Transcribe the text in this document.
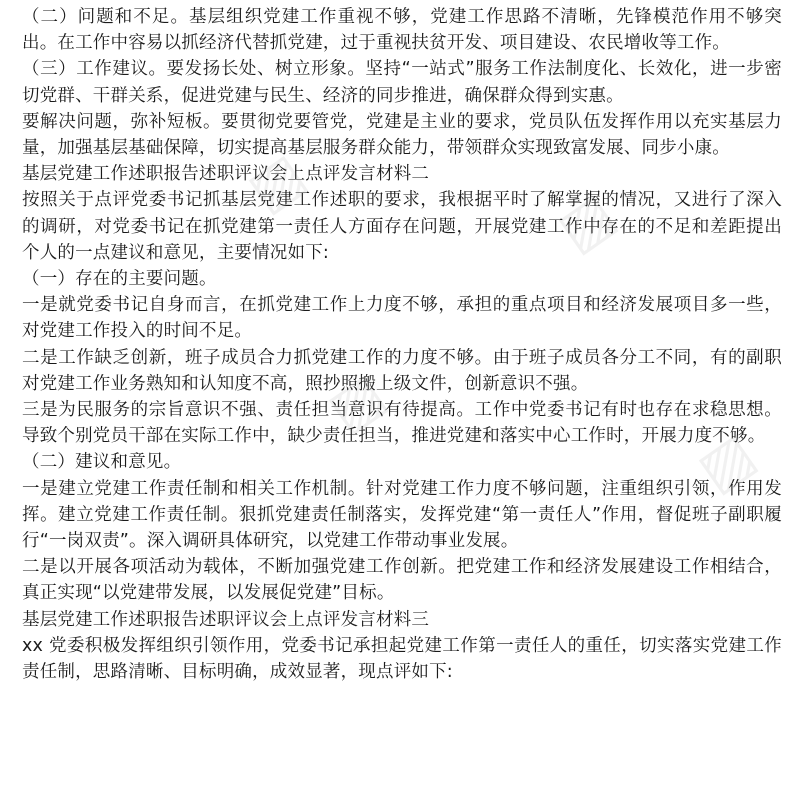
（二）问题和不足。基层组织党建工作重视不够，党建工作思路不清晰，先锋模范作用不够突出。在工作中容易以抓经济代替抓党建，过于重视扶贫开发、项目建设、农民增收等工作。

（三）工作建议。要发扬长处、树立形象。坚持“一站式”服务工作法制度化、长效化，进一步密切党群、干群关系，促进党建与民生、经济的同步推进，确保群众得到实惠。

要解决问题，弥补短板。要贯彻党要管党，党建是主业的要求，党员队伍发挥作用以充实基层力量，加强基层基础保障，切实提高基层服务群众能力，带领群众实现致富发展、同步小康。

基层党建工作述职报告述职评议会上点评发言材料二

按照关于点评党委书记抓基层党建工作述职的要求，我根据平时了解掌握的情况，又进行了深入的调研，对党委书记在抓党建第一责任人方面存在问题，开展党建工作中存在的不足和差距提出个人的一点建议和意见，主要情况如下:

（一）存在的主要问题。

一是就党委书记自身而言，在抓党建工作上力度不够，承担的重点项目和经济发展项目多一些，对党建工作投入的时间不足。

二是工作缺乏创新，班子成员合力抓党建工作的力度不够。由于班子成员各分工不同，有的副职对党建工作业务熟知和认知度不高，照抄照搬上级文件，创新意识不强。

三是为民服务的宗旨意识不强、责任担当意识有待提高。工作中党委书记有时也存在求稳思想。导致个别党员干部在实际工作中，缺少责任担当，推进党建和落实中心工作时，开展力度不够。

（二）建议和意见。

一是建立党建工作责任制和相关工作机制。针对党建工作力度不够问题，注重组织引领，作用发挥。建立党建工作责任制。狠抓党建责任制落实，发挥党建“第一责任人”作用，督促班子副职履行“一岗双责”。深入调研具体研究，以党建工作带动事业发展。

二是以开展各项活动为载体，不断加强党建工作创新。把党建工作和经济发展建设工作相结合，真正实现“以党建带发展，以发展促党建”目标。

基层党建工作述职报告述职评议会上点评发言材料三

xx 党委积极发挥组织引领作用，党委书记承担起党建工作第一责任人的重任，切实落实党建工作责任制，思路清晰、目标明确，成效显著，现点评如下:

▨	▨
▨
▨
